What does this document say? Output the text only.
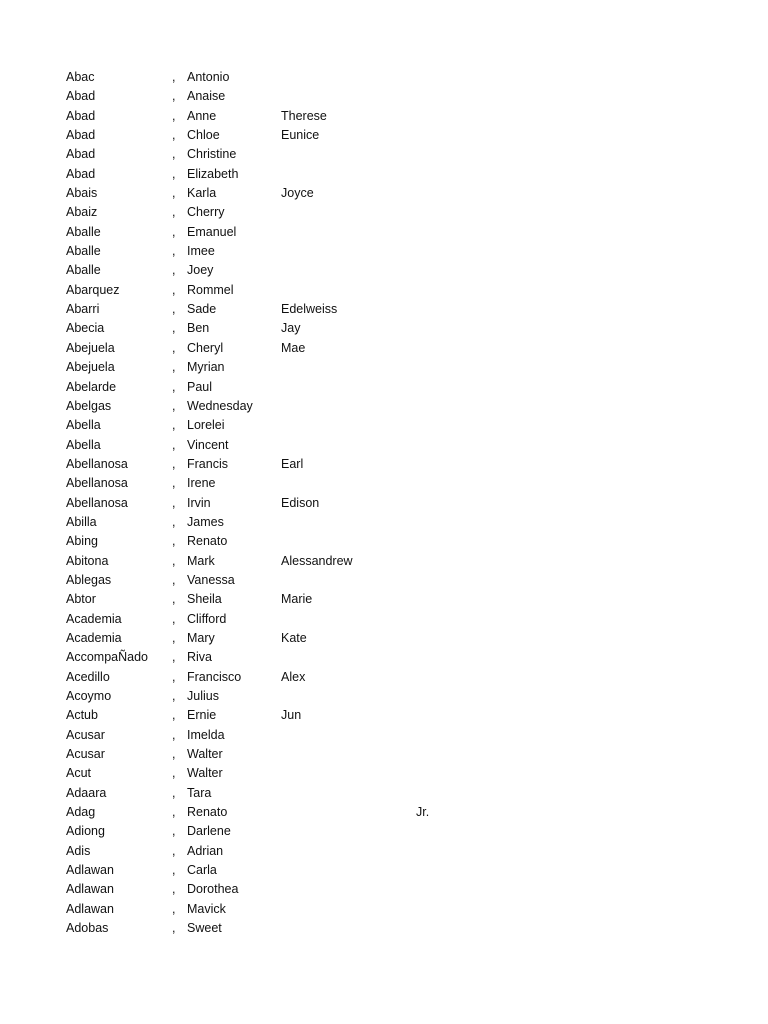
Abac	, Antonio
Abad	, Anaise
Abad	, Anne	Therese
Abad	, Chloe	Eunice
Abad	, Christine
Abad	, Elizabeth
Abais	, Karla	Joyce
Abaiz	, Cherry
Aballe	, Emanuel
Aballe	, Imee
Aballe	, Joey
Abarquez	, Rommel
Abarri	, Sade	Edelweiss
Abecia	, Ben	Jay
Abejuela	, Cheryl	Mae
Abejuela	, Myrian
Abelarde	, Paul
Abelgas	, Wednesday
Abella	, Lorelei
Abella	, Vincent
Abellanosa	, Francis	Earl
Abellanosa	, Irene
Abellanosa	, Irvin	Edison
Abilla	, James
Abing	, Renato
Abitona	, Mark	Alessandrew
Ablegas	, Vanessa
Abtor	, Sheila	Marie
Academia	, Clifford
Academia	, Mary	Kate
AccompaÑado , Riva
Acedillo	, Francisco	Alex
Acoymo	, Julius
Actub	, Ernie	Jun
Acusar	, Imelda
Acusar	, Walter
Acut	, Walter
Adaara	, Tara
Adag	, Renato	Jr.
Adiong	, Darlene
Adis	, Adrian
Adlawan	, Carla
Adlawan	, Dorothea
Adlawan	, Mavick
Adobas	, Sweet
